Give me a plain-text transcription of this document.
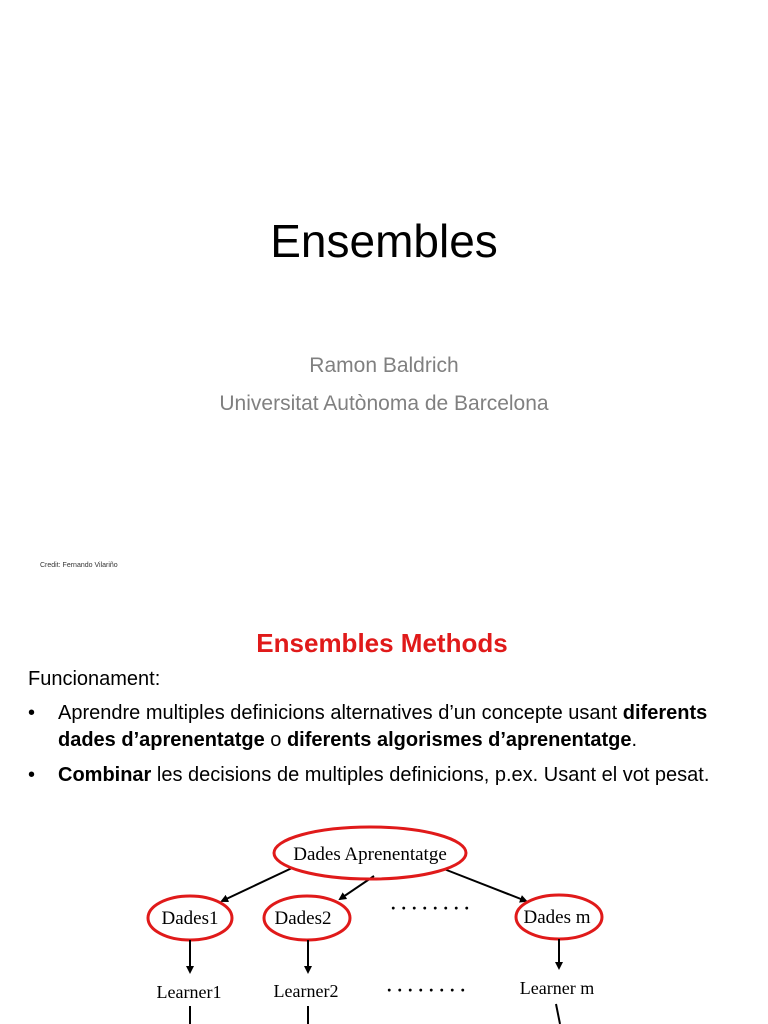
Ensembles
Ramon Baldrich
Universitat Autònoma de Barcelona
Credit: Fernando Vilariño
Ensembles Methods
Funcionament:
• Aprendre multiples definicions alternatives d’un concepte usant diferents dades d’aprenentatge o diferents algorismes d’aprenentatge.
• Combinar les decisions de multiples definicions, p.ex. Usant el vot pesat.
Dades Aprenentatge
Dades1	Dades2	Dades m
· · · · · · · ·
Learner1	Learner2	Learner m
· · · · · · · ·
